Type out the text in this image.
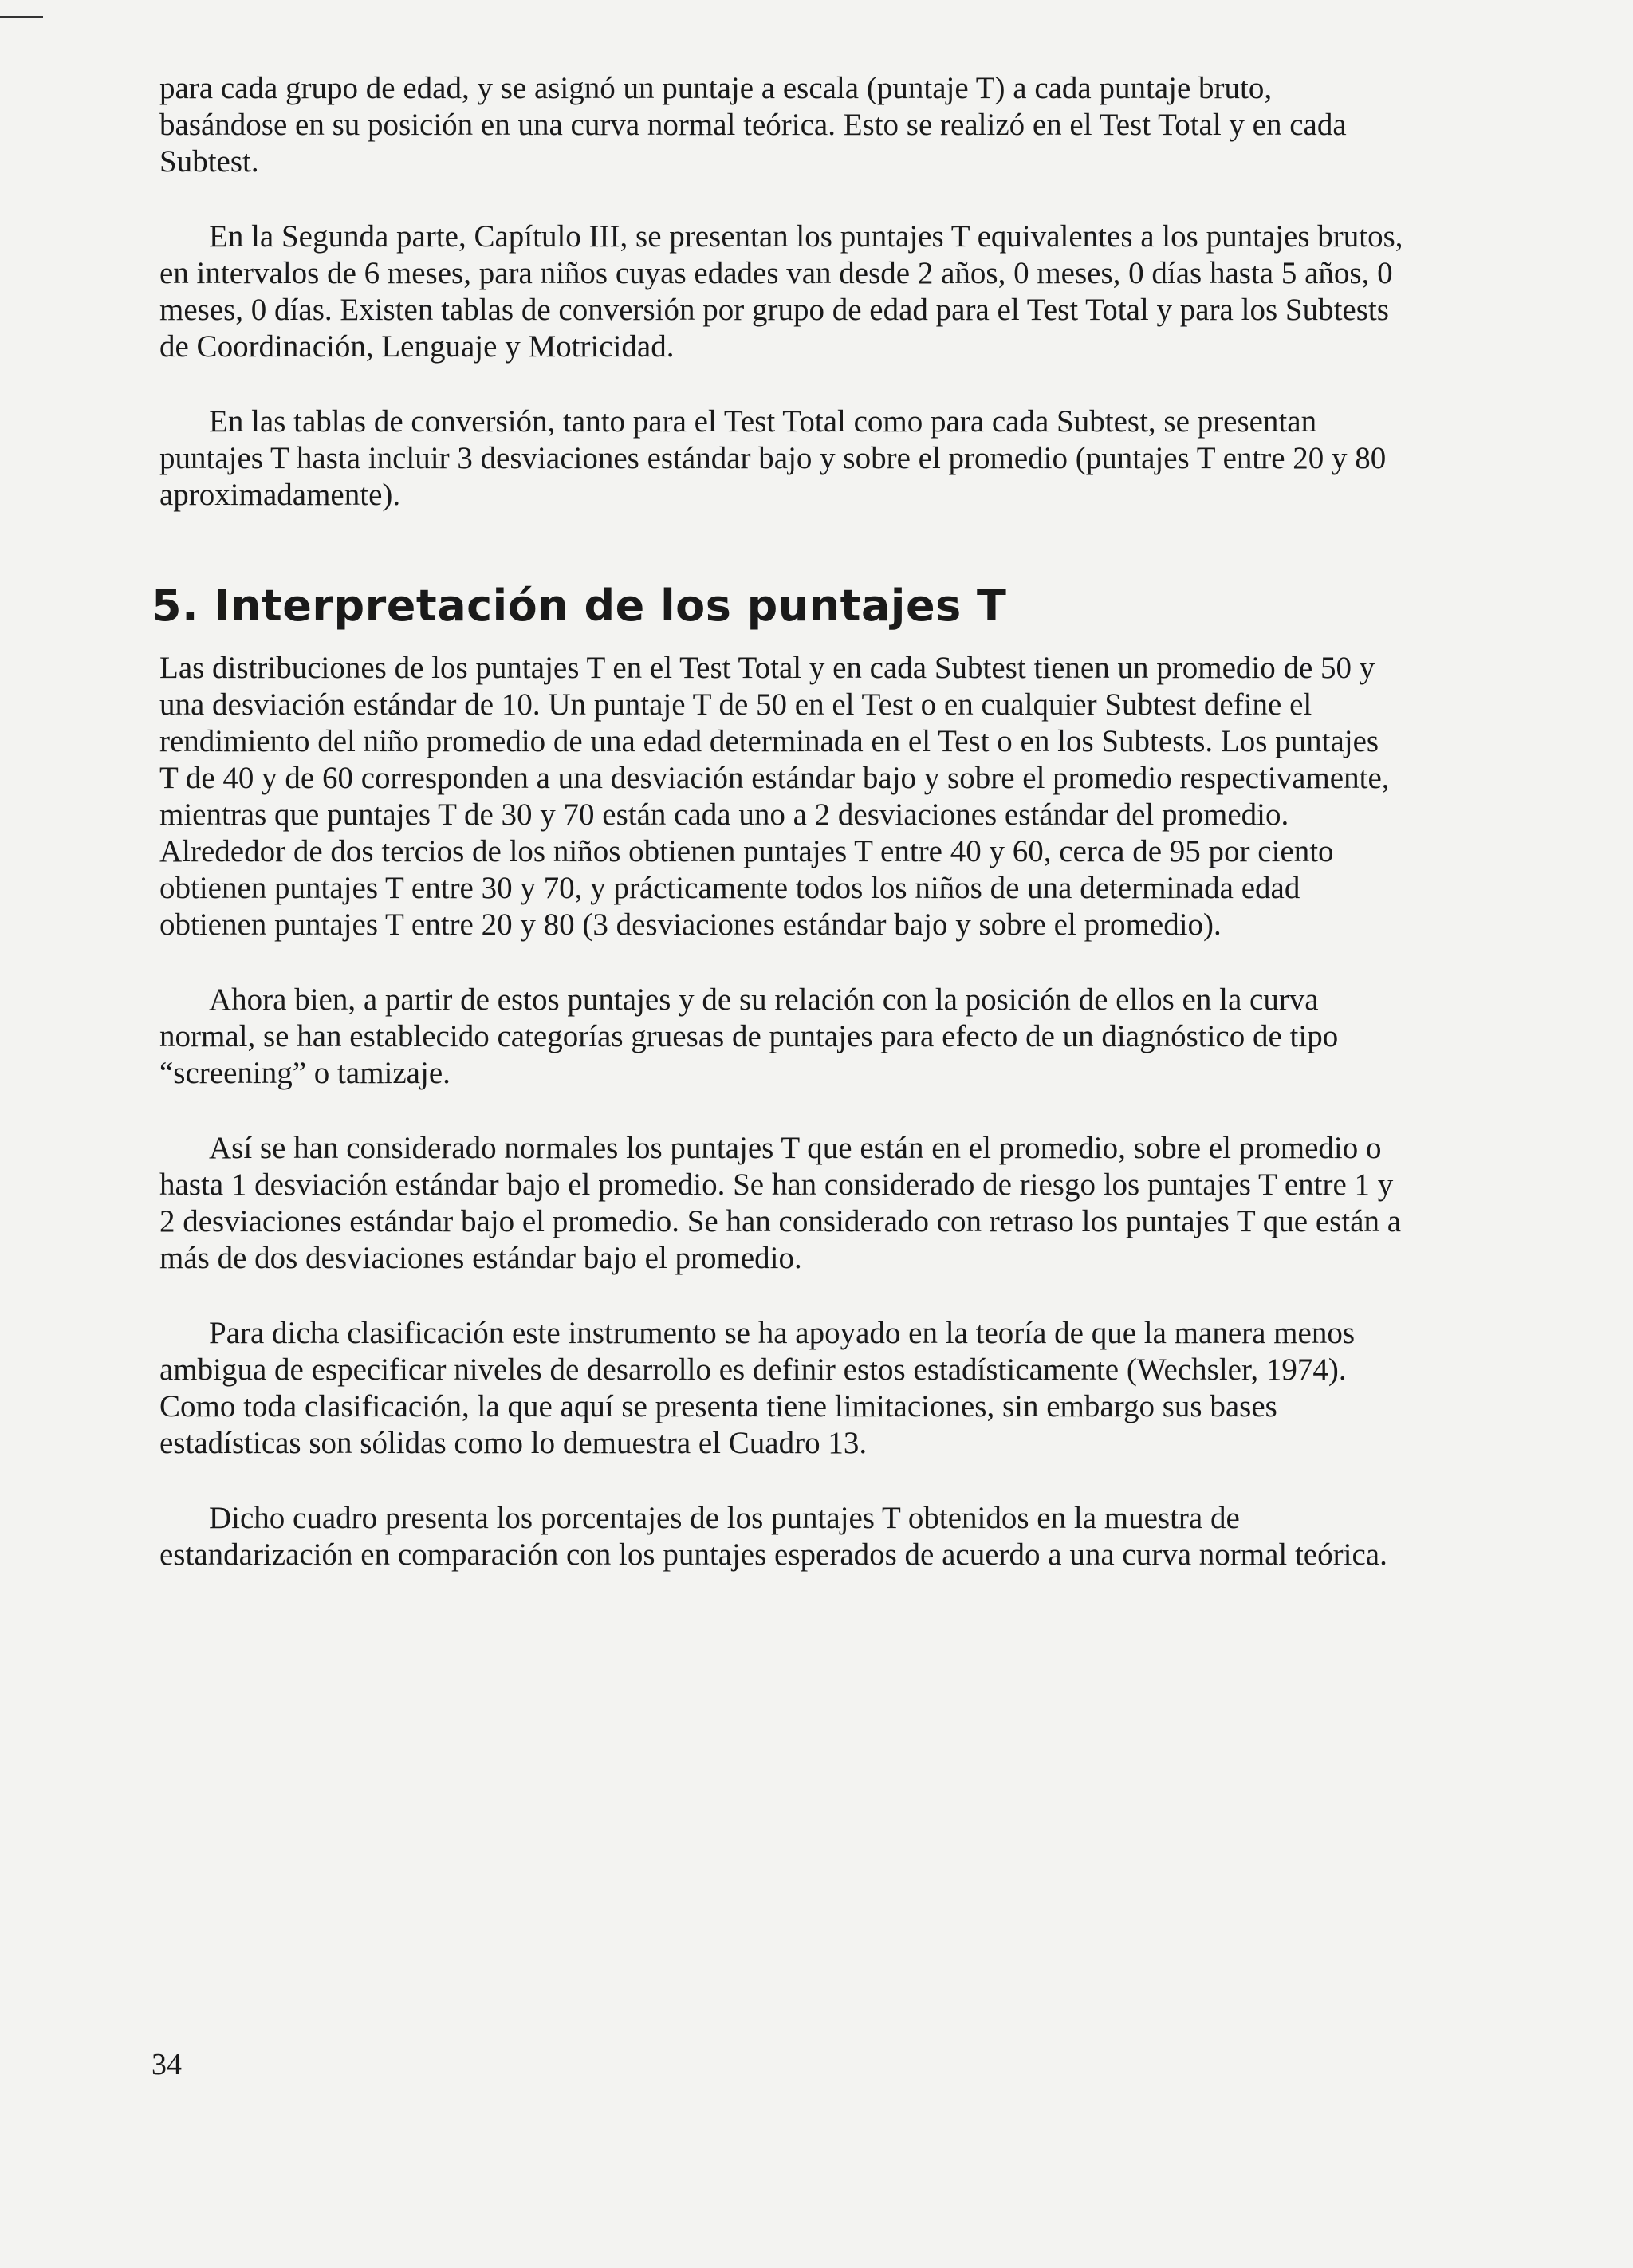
para cada grupo de edad, y se asignó un puntaje a escala (puntaje T) a cada puntaje bruto, basándose en su posición en una curva normal teórica. Esto se realizó en el Test Total y en cada Subtest.

En la Segunda parte, Capítulo III, se presentan los puntajes T equivalentes a los puntajes brutos, en intervalos de 6 meses, para niños cuyas edades van desde 2 años, 0 meses, 0 días hasta 5 años, 0 meses, 0 días. Existen tablas de conversión por grupo de edad para el Test Total y para los Subtests de Coordinación, Lenguaje y Motricidad.

En las tablas de conversión, tanto para el Test Total como para cada Subtest, se presentan puntajes T hasta incluir 3 desviaciones estándar bajo y sobre el promedio (puntajes T entre 20 y 80 aproximadamente).

5. Interpretación de los puntajes T

Las distribuciones de los puntajes T en el Test Total y en cada Subtest tienen un promedio de 50 y una desviación estándar de 10. Un puntaje T de 50 en el Test o en cualquier Subtest define el rendimiento del niño promedio de una edad determinada en el Test o en los Subtests. Los puntajes T de 40 y de 60 corresponden a una desviación estándar bajo y sobre el promedio respectivamente, mientras que puntajes T de 30 y 70 están cada uno a 2 desviaciones estándar del promedio. Alrededor de dos tercios de los niños obtienen puntajes T entre 40 y 60, cerca de 95 por ciento obtienen puntajes T entre 30 y 70, y prácticamente todos los niños de una determinada edad obtienen puntajes T entre 20 y 80 (3 desviaciones estándar bajo y sobre el promedio).

Ahora bien, a partir de estos puntajes y de su relación con la posición de ellos en la curva normal, se han establecido categorías gruesas de puntajes para efecto de un diagnóstico de tipo “screening” o tamizaje.

Así se han considerado normales los puntajes T que están en el promedio, sobre el promedio o hasta 1 desviación estándar bajo el promedio. Se han considerado de riesgo los puntajes T entre 1 y 2 desviaciones estándar bajo el promedio. Se han considerado con retraso los puntajes T que están a más de dos desviaciones estándar bajo el promedio.

Para dicha clasificación este instrumento se ha apoyado en la teoría de que la manera menos ambigua de especificar niveles de desarrollo es definir estos estadísticamente (Wechsler, 1974). Como toda clasificación, la que aquí se presenta tiene limitaciones, sin embargo sus bases estadísticas son sólidas como lo demuestra el Cuadro 13.

Dicho cuadro presenta los porcentajes de los puntajes T obtenidos en la muestra de estandarización en comparación con los puntajes esperados de acuerdo a una curva normal teórica.

34
